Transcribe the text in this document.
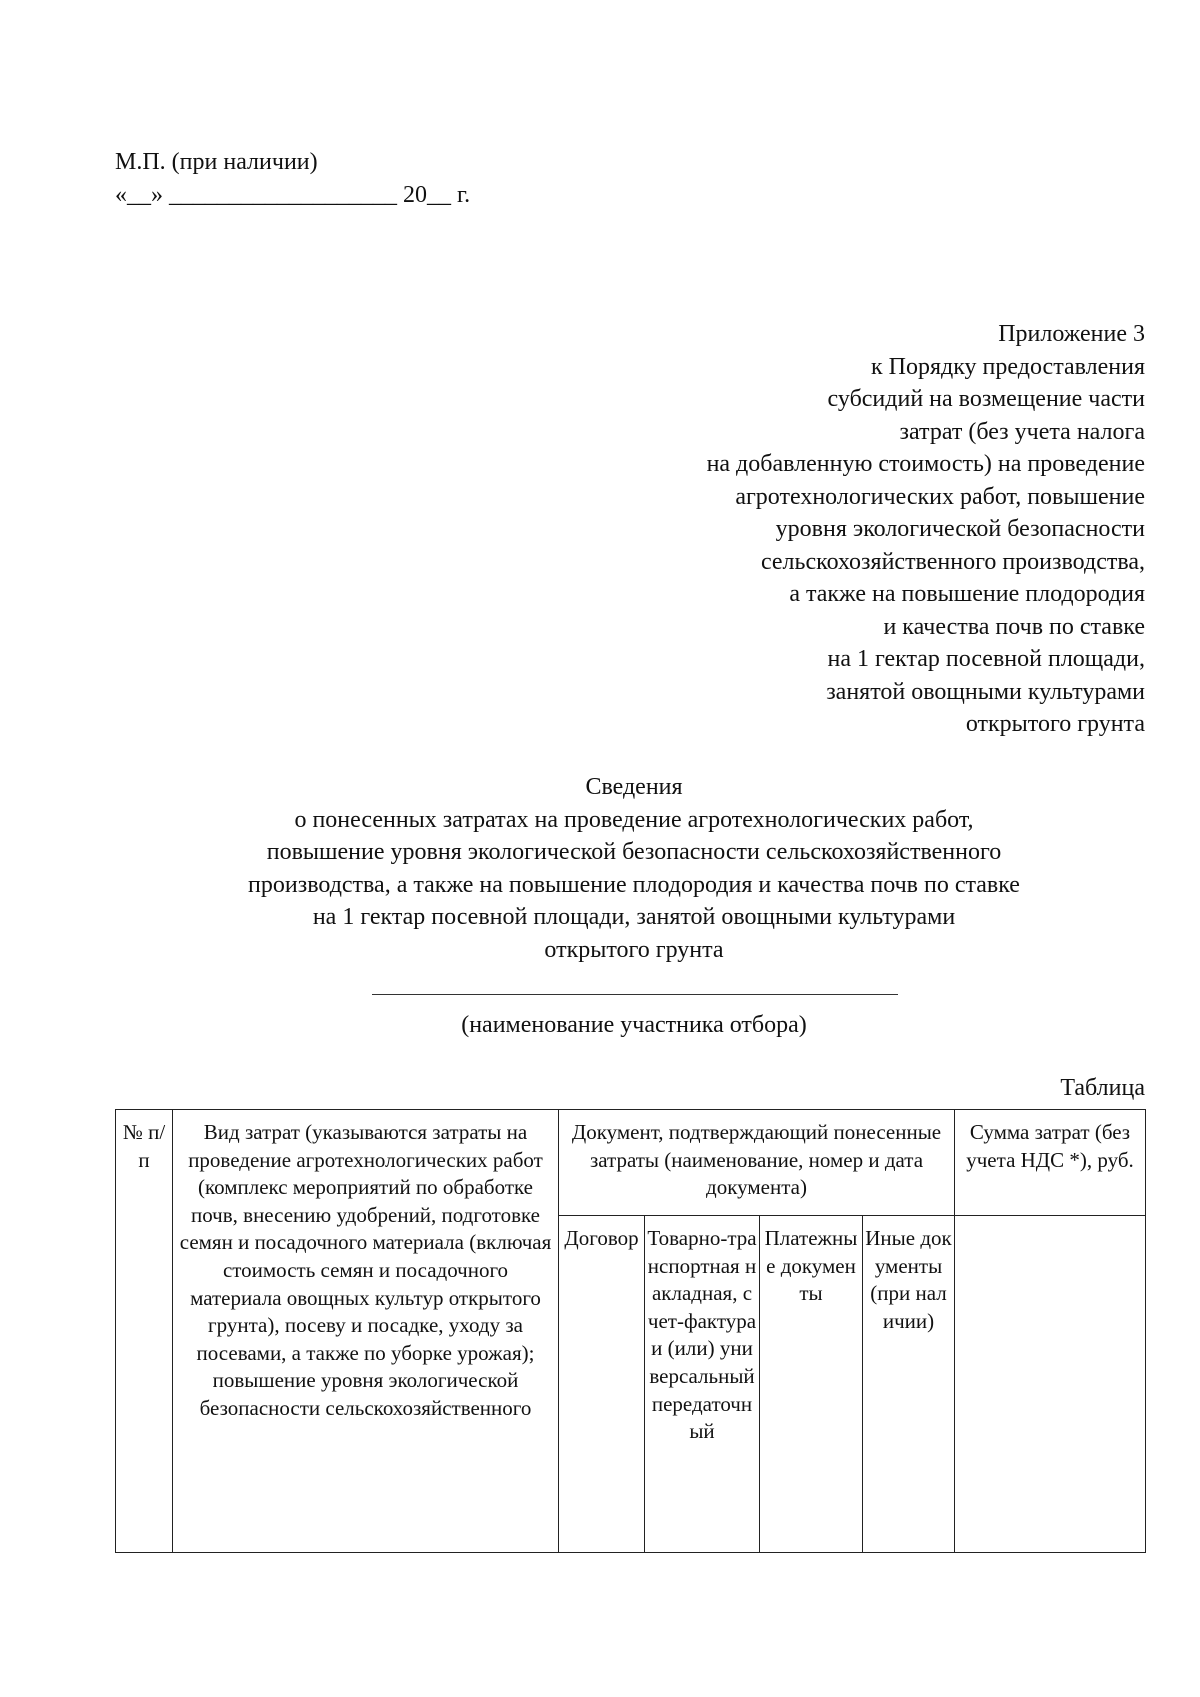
М.П. (при наличии)
«__» ___________________ 20__ г.
Приложение 3
к Порядку предоставления
субсидий на возмещение части
затрат (без учета налога
на добавленную стоимость) на проведение
агротехнологических работ, повышение
уровня экологической безопасности
сельскохозяйственного производства,
а также на повышение плодородия
и качества почв по ставке
на 1 гектар посевной площади,
занятой овощными культурами
открытого грунта
Сведения
о понесенных затратах на проведение агротехнологических работ,
повышение уровня экологической безопасности сельскохозяйственного
производства, а также на повышение плодородия и качества почв по ставке
на 1 гектар посевной площади, занятой овощными культурами
открытого грунта
(наименование участника отбора)
Таблица
№ п/п	Вид затрат (указываются затраты на проведение агротехнологических работ (комплекс мероприятий по обработке почв, внесению удобрений, подготовке семян и посадочного материала (включая стоимость семян и посадочного материала овощных культур открытого грунта), посеву и посадке, уходу за посевами, а также по уборке урожая); повышение уровня экологической безопасности сельскохозяйственного	Документ, подтверждающий понесенные затраты (наименование, номер и дата документа)				Сумма затрат (без учета НДС *), руб.
		Договор	Товарно-транспортная накладная, счет-фактура и (или) универсальный передаточный	Платежные документы	Иные документы (при наличии)	
